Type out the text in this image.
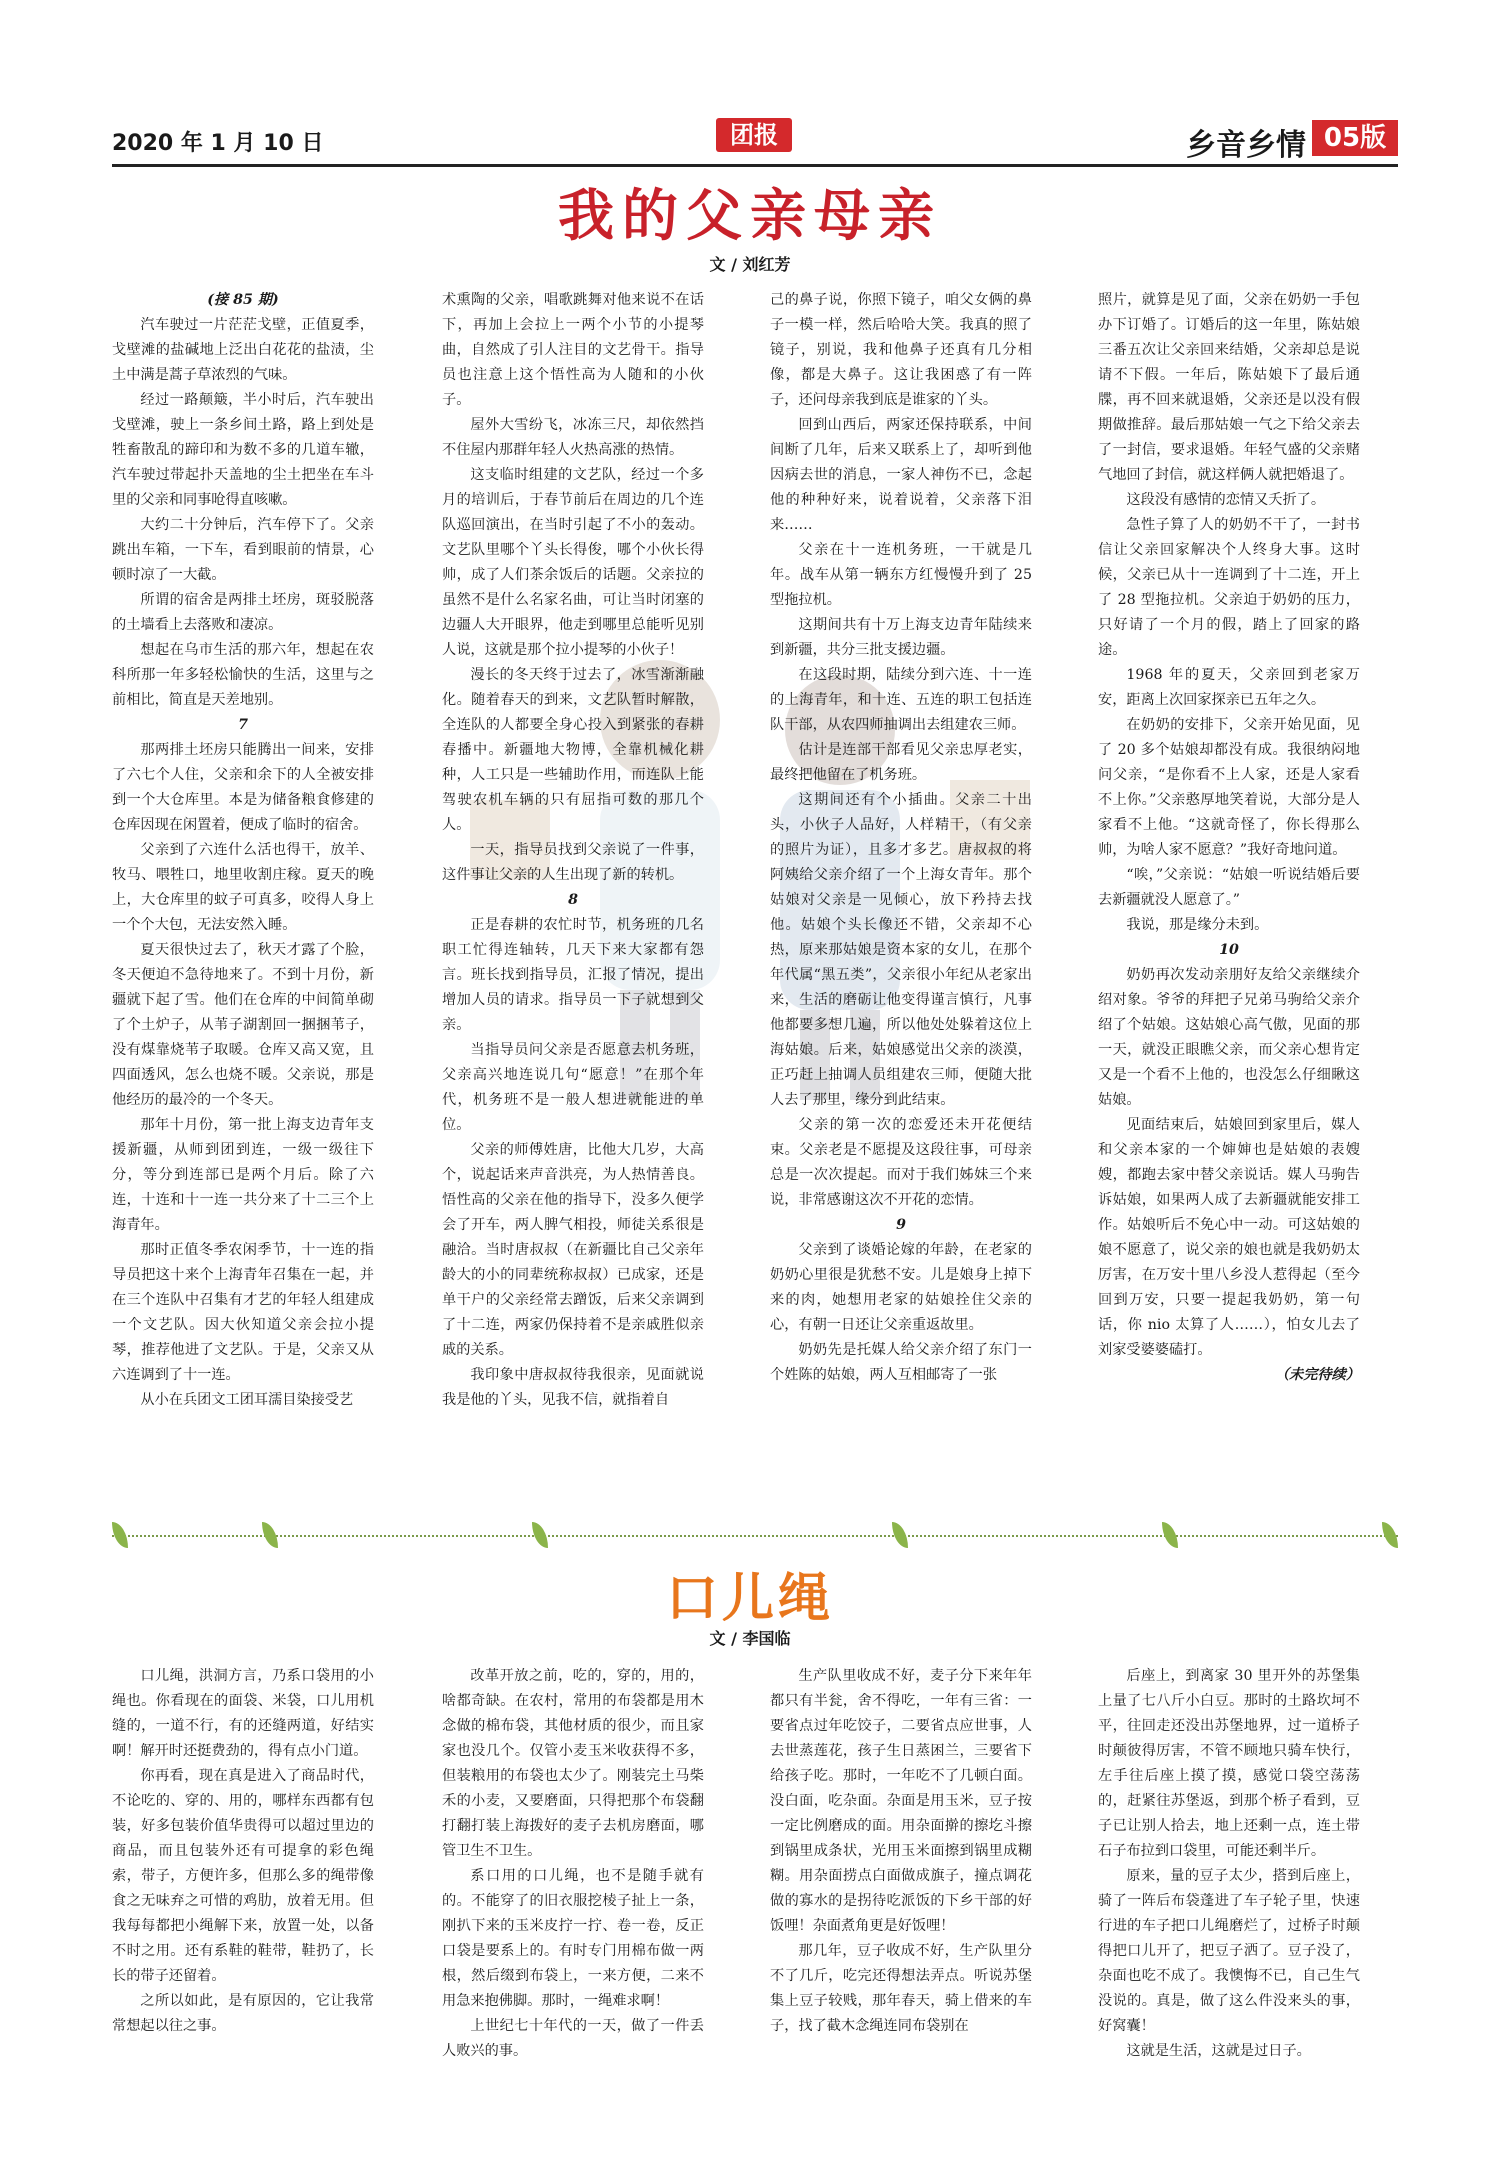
2020 年 1 月 10 日	团报	乡音乡情 05版
我的父亲母亲
文 / 刘红芳

(接 85 期)

汽车驶过一片茫茫戈壁，正值夏季，戈壁滩的盐碱地上泛出白花花的盐渍，尘土中满是蒿子草浓烈的气味。

经过一路颠簸，半小时后，汽车驶出戈壁滩，驶上一条乡间土路，路上到处是牲畜散乱的蹄印和为数不多的几道车辙，汽车驶过带起扑天盖地的尘土把坐在车斗里的父亲和同事呛得直咳嗽。

大约二十分钟后，汽车停下了。父亲跳出车箱，一下车，看到眼前的情景，心顿时凉了一大截。

所谓的宿舍是两排土坯房，斑驳脱落的土墙看上去落败和凄凉。

想起在乌市生活的那六年，想起在农科所那一年多轻松愉快的生活，这里与之前相比，简直是天差地别。

7

那两排土坯房只能腾出一间来，安排了六七个人住，父亲和余下的人全被安排到一个大仓库里。本是为储备粮食修建的仓库因现在闲置着，便成了临时的宿舍。

父亲到了六连什么活也得干，放羊、牧马、喂牲口，地里收割庄稼。夏天的晚上，大仓库里的蚊子可真多，咬得人身上一个个大包，无法安然入睡。

夏天很快过去了，秋天才露了个脸，冬天便迫不急待地来了。不到十月份，新疆就下起了雪。他们在仓库的中间简单砌了个土炉子，从苇子湖割回一捆捆苇子，没有煤靠烧苇子取暖。仓库又高又宽，且四面透风，怎么也烧不暖。父亲说，那是他经历的最冷的一个冬天。

那年十月份，第一批上海支边青年支援新疆，从师到团到连，一级一级往下分，等分到连部已是两个月后。除了六连，十连和十一连一共分来了十二三个上海青年。

那时正值冬季农闲季节，十一连的指导员把这十来个上海青年召集在一起，并在三个连队中召集有才艺的年轻人组建成一个文艺队。因大伙知道父亲会拉小提琴，推荐他进了文艺队。于是，父亲又从六连调到了十一连。

从小在兵团文工团耳濡目染接受艺

术熏陶的父亲，唱歌跳舞对他来说不在话下，再加上会拉上一两个小节的小提琴曲，自然成了引人注目的文艺骨干。指导员也注意上这个悟性高为人随和的小伙子。

屋外大雪纷飞，冰冻三尺，却依然挡不住屋内那群年轻人火热高涨的热情。

这支临时组建的文艺队，经过一个多月的培训后，于春节前后在周边的几个连队巡回演出，在当时引起了不小的轰动。文艺队里哪个丫头长得俊，哪个小伙长得帅，成了人们茶余饭后的话题。父亲拉的虽然不是什么名家名曲，可让当时闭塞的边疆人大开眼界，他走到哪里总能听见别人说，这就是那个拉小提琴的小伙子！

漫长的冬天终于过去了，冰雪渐渐融化。随着春天的到来，文艺队暂时解散，全连队的人都要全身心投入到紧张的春耕春播中。新疆地大物博，全靠机械化耕种，人工只是一些辅助作用，而连队上能驾驶农机车辆的只有屈指可数的那几个人。

一天，指导员找到父亲说了一件事，这件事让父亲的人生出现了新的转机。

8

正是春耕的农忙时节，机务班的几名职工忙得连轴转，几天下来大家都有怨言。班长找到指导员，汇报了情况，提出增加人员的请求。指导员一下子就想到父亲。

当指导员问父亲是否愿意去机务班，父亲高兴地连说几句“愿意！”在那个年代，机务班不是一般人想进就能进的单位。

父亲的师傅姓唐，比他大几岁，大高个，说起话来声音洪亮，为人热情善良。悟性高的父亲在他的指导下，没多久便学会了开车，两人脾气相投，师徒关系很是融洽。当时唐叔叔（在新疆比自己父亲年龄大的小的同辈统称叔叔）已成家，还是单干户的父亲经常去蹭饭，后来父亲调到了十二连，两家仍保持着不是亲戚胜似亲戚的关系。

我印象中唐叔叔待我很亲，见面就说我是他的丫头，见我不信，就指着自

己的鼻子说，你照下镜子，咱父女俩的鼻子一模一样，然后哈哈大笑。我真的照了镜子，别说，我和他鼻子还真有几分相像，都是大鼻子。这让我困惑了有一阵子，还问母亲我到底是谁家的丫头。

回到山西后，两家还保持联系，中间间断了几年，后来又联系上了，却听到他因病去世的消息，一家人神伤不已，念起他的种种好来，说着说着，父亲落下泪来……

父亲在十一连机务班，一干就是几年。战车从第一辆东方红慢慢升到了 25 型拖拉机。

这期间共有十万上海支边青年陆续来到新疆，共分三批支援边疆。

在这段时期，陆续分到六连、十一连的上海青年，和十连、五连的职工包括连队干部，从农四师抽调出去组建农三师。

估计是连部干部看见父亲忠厚老实，最终把他留在了机务班。

这期间还有个小插曲。父亲二十出头，小伙子人品好，人样精干，（有父亲的照片为证），且多才多艺。唐叔叔的将阿姨给父亲介绍了一个上海女青年。那个姑娘对父亲是一见倾心，放下矜持去找他。姑娘个头长像还不错，父亲却不心热，原来那姑娘是资本家的女儿，在那个年代属“黑五类”，父亲很小年纪从老家出来，生活的磨砺让他变得谨言慎行，凡事他都要多想几遍，所以他处处躲着这位上海姑娘。后来，姑娘感觉出父亲的淡漠，正巧赶上抽调人员组建农三师，便随大批人去了那里，缘分到此结束。

父亲的第一次的恋爱还未开花便结束。父亲老是不愿提及这段往事，可母亲总是一次次提起。而对于我们姊妹三个来说，非常感谢这次不开花的恋情。

9

父亲到了谈婚论嫁的年龄，在老家的奶奶心里很是犹愁不安。儿是娘身上掉下来的肉，她想用老家的姑娘拴住父亲的心，有朝一日还让父亲重返故里。

奶奶先是托媒人给父亲介绍了东门一个姓陈的姑娘，两人互相邮寄了一张

照片，就算是见了面，父亲在奶奶一手包办下订婚了。订婚后的这一年里，陈姑娘三番五次让父亲回来结婚，父亲却总是说请不下假。一年后，陈姑娘下了最后通牒，再不回来就退婚，父亲还是以没有假期做推辞。最后那姑娘一气之下给父亲去了一封信，要求退婚。年轻气盛的父亲赌气地回了封信，就这样俩人就把婚退了。

这段没有感情的恋情又夭折了。

急性子算了人的奶奶不干了，一封书信让父亲回家解决个人终身大事。这时候，父亲已从十一连调到了十二连，开上了 28 型拖拉机。父亲迫于奶奶的压力，只好请了一个月的假，踏上了回家的路途。

1968 年的夏天，父亲回到老家万安，距离上次回家探亲已五年之久。

在奶奶的安排下，父亲开始见面，见了 20 多个姑娘却都没有成。我很纳闷地问父亲，“是你看不上人家，还是人家看不上你。”父亲憨厚地笑着说，大部分是人家看不上他。“这就奇怪了，你长得那么帅，为啥人家不愿意？”我好奇地问道。

“唉，”父亲说：“姑娘一听说结婚后要去新疆就没人愿意了。”

我说，那是缘分未到。

10

奶奶再次发动亲朋好友给父亲继续介绍对象。爷爷的拜把子兄弟马驹给父亲介绍了个姑娘。这姑娘心高气傲，见面的那一天，就没正眼瞧父亲，而父亲心想肯定又是一个看不上他的，也没怎么仔细瞅这姑娘。

见面结束后，姑娘回到家里后，媒人和父亲本家的一个婶婶也是姑娘的表嫂嫂，都跑去家中替父亲说话。媒人马驹告诉姑娘，如果两人成了去新疆就能安排工作。姑娘听后不免心中一动。可这姑娘的娘不愿意了，说父亲的娘也就是我奶奶太厉害，在万安十里八乡没人惹得起（至今回到万安，只要一提起我奶奶，第一句话，你 nio 太算了人……），怕女儿去了刘家受婆婆磕打。

（未完待续）

口儿绳
文 / 李国临

口儿绳，洪洞方言，乃系口袋用的小绳也。你看现在的面袋、米袋，口儿用机缝的，一道不行，有的还缝两道，好结实啊！解开时还挺费劲的，得有点小门道。

你再看，现在真是进入了商品时代，不论吃的、穿的、用的，哪样东西都有包装，好多包装价值华贵得可以超过里边的商品，而且包装外还有可提拿的彩色绳索，带子，方便许多，但那么多的绳带像食之无味弃之可惜的鸡肋，放着无用。但我每每都把小绳解下来，放置一处，以备不时之用。还有系鞋的鞋带，鞋扔了，长长的带子还留着。

之所以如此，是有原因的，它让我常常想起以往之事。

改革开放之前，吃的，穿的，用的，啥都奇缺。在农村，常用的布袋都是用木念做的棉布袋，其他材质的很少，而且家家也没几个。仅管小麦玉米收获得不多，但装粮用的布袋也太少了。刚装完土马柴禾的小麦，又要磨面，只得把那个布袋翻打翻打装上海拨好的麦子去机房磨面，哪管卫生不卫生。

系口用的口儿绳，也不是随手就有的。不能穿了的旧衣服挖棱子扯上一条，刚扒下来的玉米皮拧一拧、卷一卷，反正口袋是要系上的。有时专门用棉布做一两根，然后缀到布袋上，一来方便，二来不用急来抱佛脚。那时，一绳难求啊！

上世纪七十年代的一天，做了一件丢人败兴的事。

生产队里收成不好，麦子分下来年年都只有半瓮，舍不得吃，一年有三省：一要省点过年吃饺子，二要省点应世事，人去世蒸莲花，孩子生日蒸困兰，三要省下给孩子吃。那时，一年吃不了几顿白面。没白面，吃杂面。杂面是用玉米，豆子按一定比例磨成的面。用杂面擀的擦圪斗擦到锅里成条状，光用玉米面擦到锅里成糊糊。用杂面捞点白面做成旗子，撞点调花做的寡水的是拐待吃派饭的下乡干部的好饭哩！杂面煮角更是好饭哩！

那几年，豆子收成不好，生产队里分不了几斤，吃完还得想法弄点。听说苏堡集上豆子较贱，那年春天，骑上借来的车子，找了截木念绳连同布袋别在

后座上，到离家 30 里开外的苏堡集上量了七八斤小白豆。那时的土路坎坷不平，往回走还没出苏堡地界，过一道桥子时颠彼得厉害，不管不顾地只骑车快行，左手往后座上摸了摸，感觉口袋空荡荡的，赶紧往苏堡返，到那个桥子看到，豆子已让别人拾去，地上还剩一点，连土带石子布拉到口袋里，可能还剩半斤。

原来，量的豆子太少，搭到后座上，骑了一阵后布袋蓬进了车子轮子里，快速行进的车子把口儿绳磨烂了，过桥子时颠得把口儿开了，把豆子洒了。豆子没了，杂面也吃不成了。我懊悔不已，自己生气没说的。真是，做了这么件没来头的事，好窝囊！

这就是生活，这就是过日子。
